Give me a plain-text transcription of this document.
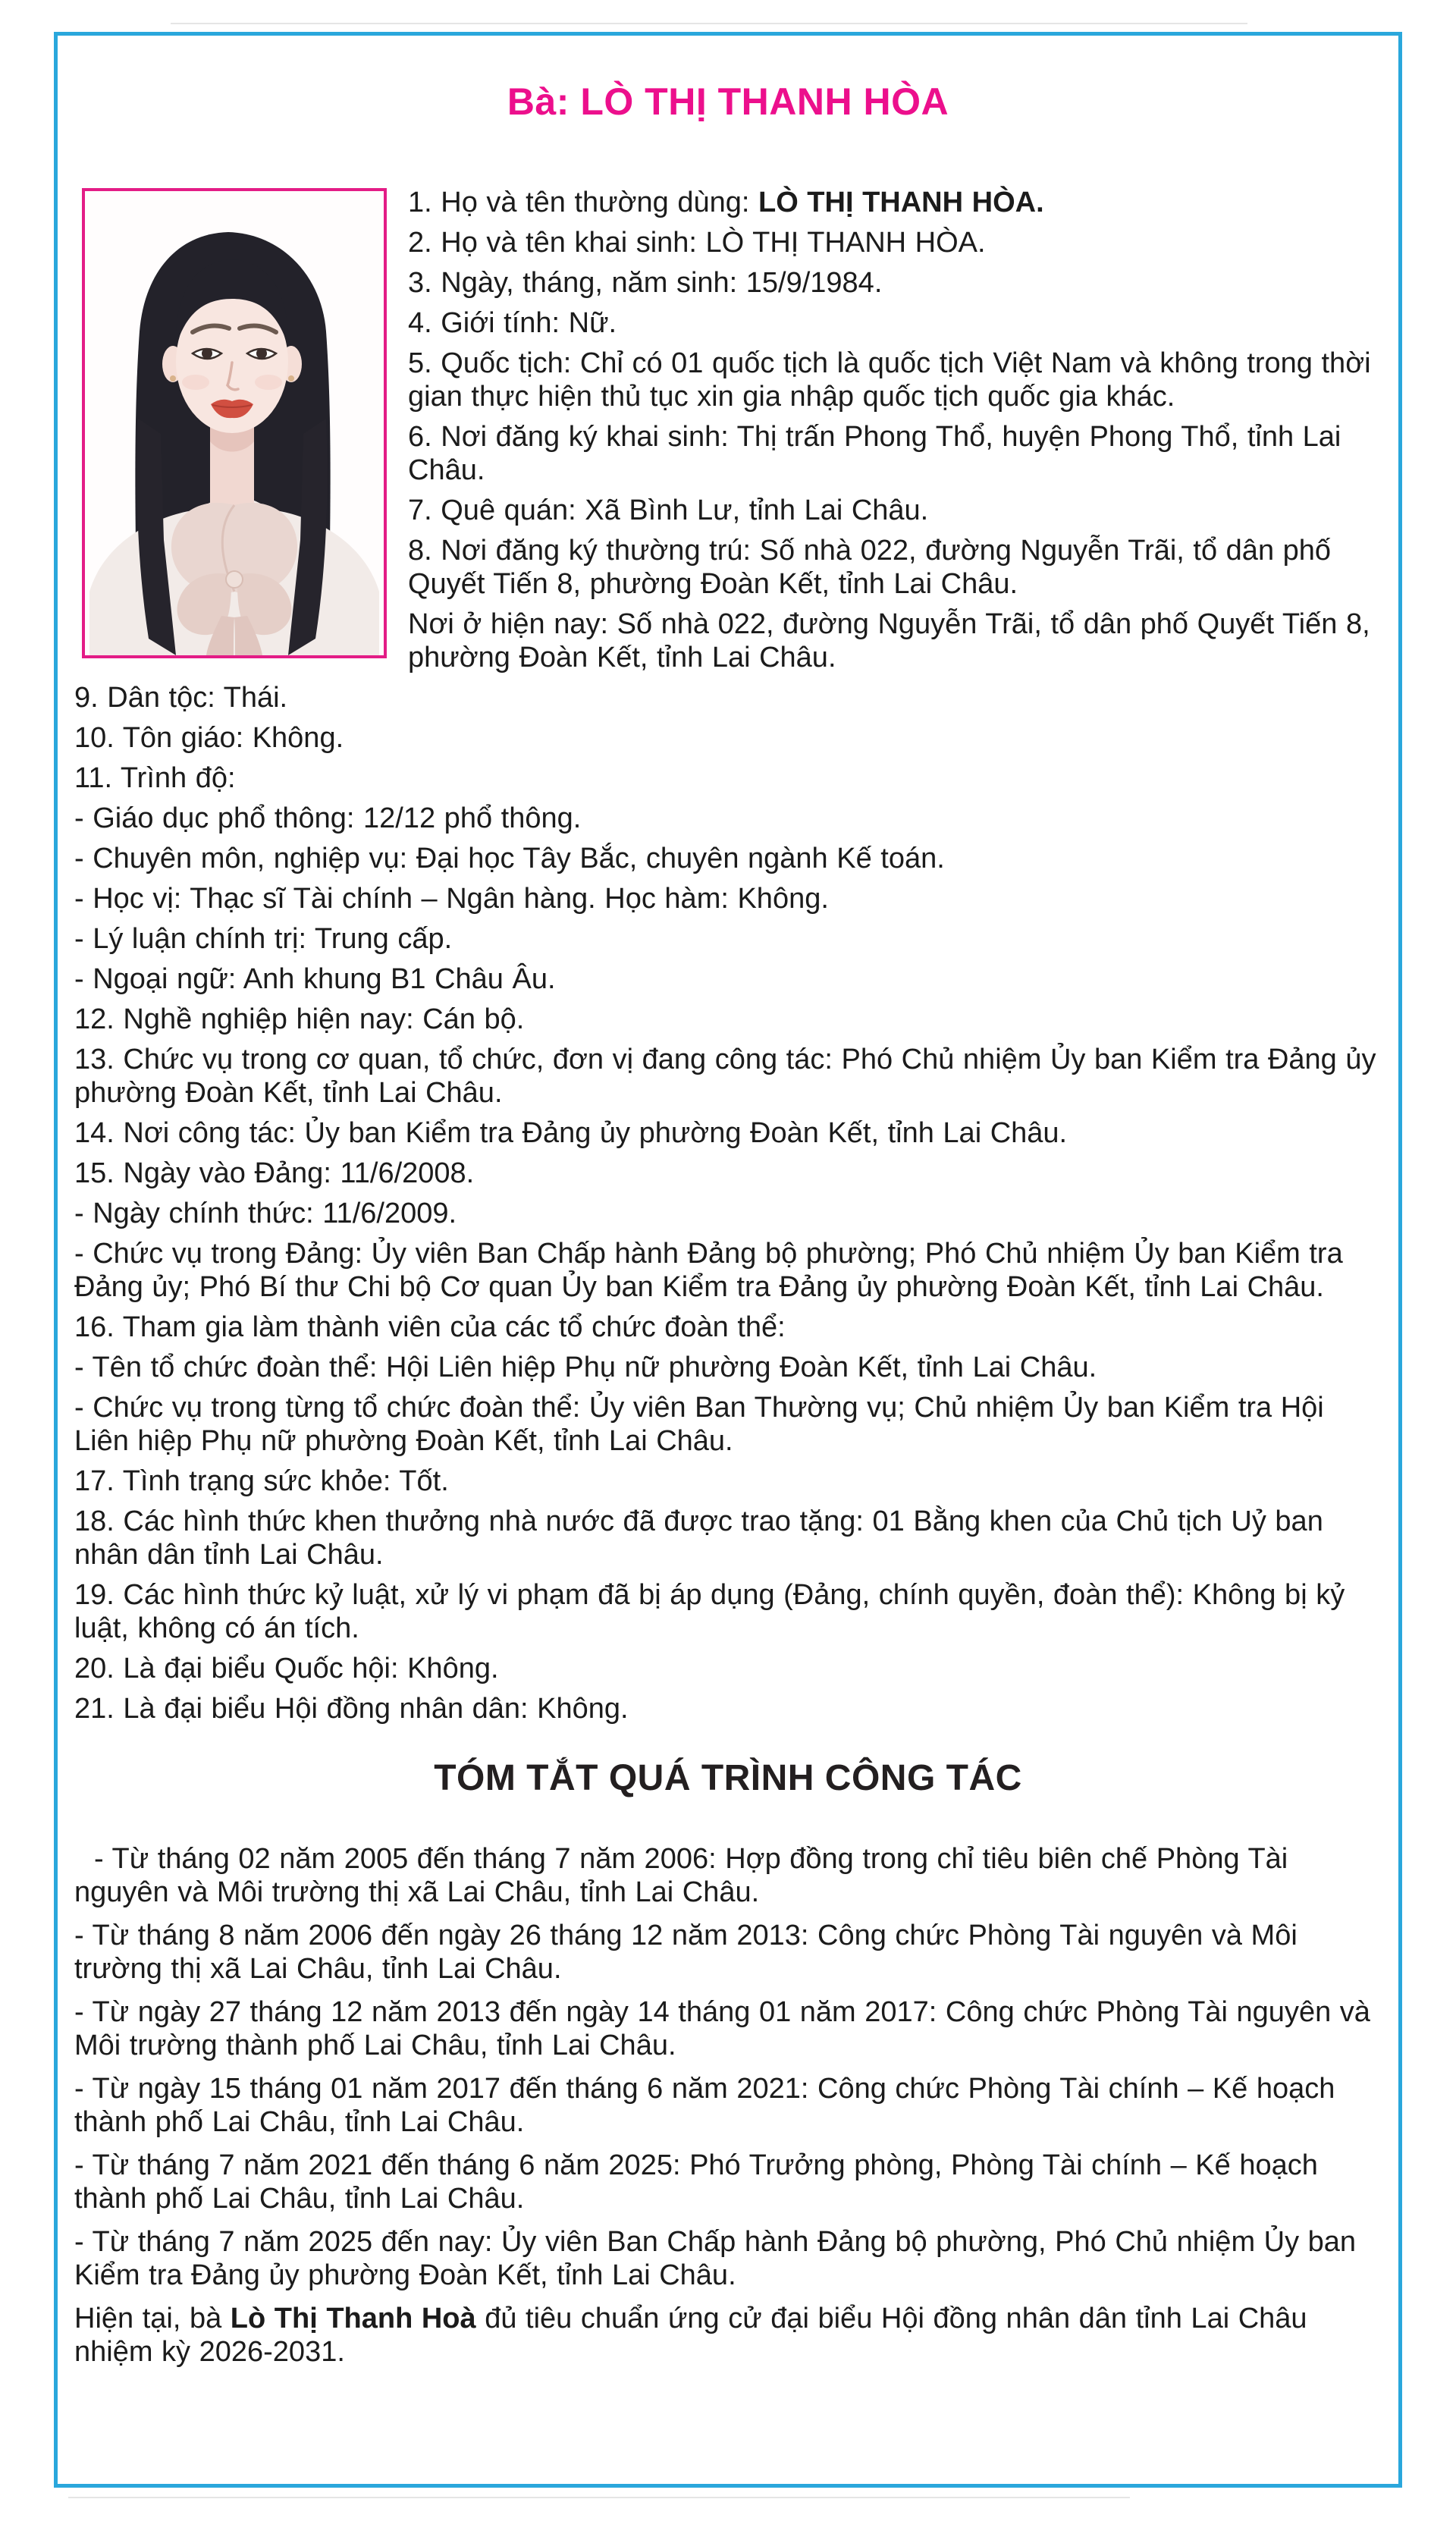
Bà: LÒ THỊ THANH HÒA

1. Họ và tên thường dùng: LÒ THỊ THANH HÒA.

2. Họ và tên khai sinh: LÒ THỊ THANH HÒA.

3. Ngày, tháng, năm sinh: 15/9/1984.

4. Giới tính: Nữ.

5. Quốc tịch: Chỉ có 01 quốc tịch là quốc tịch Việt Nam và không trong thời gian thực hiện thủ tục xin gia nhập quốc tịch quốc gia khác.

6. Nơi đăng ký khai sinh: Thị trấn Phong Thổ, huyện Phong Thổ, tỉnh Lai Châu.

7. Quê quán: Xã Bình Lư, tỉnh Lai Châu.

8. Nơi đăng ký thường trú: Số nhà 022, đường Nguyễn Trãi, tổ dân phố Quyết Tiến 8, phường Đoàn Kết, tỉnh Lai Châu.

Nơi ở hiện nay: Số nhà 022, đường Nguyễn Trãi, tổ dân phố Quyết Tiến 8, phường Đoàn Kết, tỉnh Lai Châu.

9. Dân tộc: Thái.

10. Tôn giáo: Không.

11. Trình độ:

- Giáo dục phổ thông: 12/12 phổ thông.

- Chuyên môn, nghiệp vụ: Đại học Tây Bắc, chuyên ngành Kế toán.

- Học vị: Thạc sĩ Tài chính – Ngân hàng. Học hàm: Không.

- Lý luận chính trị: Trung cấp.

- Ngoại ngữ: Anh khung B1 Châu Âu.

12. Nghề nghiệp hiện nay: Cán bộ.

13. Chức vụ trong cơ quan, tổ chức, đơn vị đang công tác: Phó Chủ nhiệm Ủy ban Kiểm tra Đảng ủy phường Đoàn Kết, tỉnh Lai Châu.

14. Nơi công tác: Ủy ban Kiểm tra Đảng ủy phường Đoàn Kết, tỉnh Lai Châu.

15. Ngày vào Đảng: 11/6/2008.

- Ngày chính thức: 11/6/2009.

- Chức vụ trong Đảng: Ủy viên Ban Chấp hành Đảng bộ phường; Phó Chủ nhiệm Ủy ban Kiểm tra Đảng ủy; Phó Bí thư Chi bộ Cơ quan Ủy ban Kiểm tra Đảng ủy phường Đoàn Kết, tỉnh Lai Châu.

16. Tham gia làm thành viên của các tổ chức đoàn thể:

- Tên tổ chức đoàn thể: Hội Liên hiệp Phụ nữ phường Đoàn Kết, tỉnh Lai Châu.

- Chức vụ trong từng tổ chức đoàn thể: Ủy viên Ban Thường vụ; Chủ nhiệm Ủy ban Kiểm tra Hội Liên hiệp Phụ nữ phường Đoàn Kết, tỉnh Lai Châu.

17. Tình trạng sức khỏe: Tốt.

18. Các hình thức khen thưởng nhà nước đã được trao tặng: 01 Bằng khen của Chủ tịch Uỷ ban nhân dân tỉnh Lai Châu.

19. Các hình thức kỷ luật, xử lý vi phạm đã bị áp dụng (Đảng, chính quyền, đoàn thể): Không bị kỷ luật, không có án tích.

20. Là đại biểu Quốc hội: Không.

21. Là đại biểu Hội đồng nhân dân: Không.

TÓM TẮT QUÁ TRÌNH CÔNG TÁC

- Từ tháng 02 năm 2005 đến tháng 7 năm 2006: Hợp đồng trong chỉ tiêu biên chế Phòng Tài nguyên và Môi trường thị xã Lai Châu, tỉnh Lai Châu.

- Từ tháng 8 năm 2006 đến ngày 26 tháng 12 năm 2013: Công chức Phòng Tài nguyên và Môi trường thị xã Lai Châu, tỉnh Lai Châu.

- Từ ngày 27 tháng 12 năm 2013 đến ngày 14 tháng 01 năm 2017: Công chức Phòng Tài nguyên và Môi trường thành phố Lai Châu, tỉnh Lai Châu.

- Từ ngày 15 tháng 01 năm 2017 đến tháng 6 năm 2021: Công chức Phòng Tài chính – Kế hoạch thành phố Lai Châu, tỉnh Lai Châu.

- Từ tháng 7 năm 2021 đến tháng 6 năm 2025: Phó Trưởng phòng, Phòng Tài chính – Kế hoạch thành phố Lai Châu, tỉnh Lai Châu.

- Từ tháng 7 năm 2025 đến nay: Ủy viên Ban Chấp hành Đảng bộ phường, Phó Chủ nhiệm Ủy ban Kiểm tra Đảng ủy phường Đoàn Kết, tỉnh Lai Châu.

Hiện tại, bà Lò Thị Thanh Hoà đủ tiêu chuẩn ứng cử đại biểu Hội đồng nhân dân tỉnh Lai Châu nhiệm kỳ 2026-2031.
